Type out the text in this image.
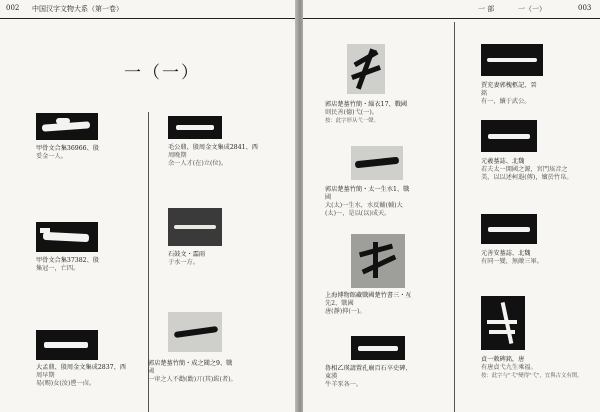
002 中国汉字文物大系（第一卷）
一（一）
甲骨文合集36966、殷
妥金一人。
甲骨文合集37382、殷
集冠一，亡四。
大孟鼎、殷周金文集成2837、西
周早期
易(赐)女(汝)鬯一卣。
毛公鼎、殷周金文集成2841、西
周晚期
余一人才(在)立(位)。
石鼓文・霝雨
于水一方。
郭店楚墓竹簡・成之聞之9、戰
國
一审之人不勸(勸)丌(其)紱(者)。
一 部	一（一）	003
郭店楚墓竹簡・緇衣17、戰國
則民善(德)弋(一)。
按：此字形从弋一聲。
郭店楚墓竹簡・太一生水1、戰
國
大(太)一生水，水反輔(輔)大
(太)一，是以(以)成天。
上海博物館藏戰國楚竹書三・亙
先2、戰國
唐(靜)抑(一)。
魯相乙瑛請置孔廟百石卒史碑、
東漢
牛羊豕各一。
賈充妻郭槐柩記、晉
銘
有一，續于武公。
元羲墓誌、北魏
若夫太一開國之源，宮門垓音之
美，以以述柯遐(傳)，嬪於竹帛。
元善安墓誌、北魏
有同一變，無敵三軍。
貞一敕碑銘，唐
有唐貞弋九生乘福。
按：此字与"弌"變得"弋"，宜與古文有関。
